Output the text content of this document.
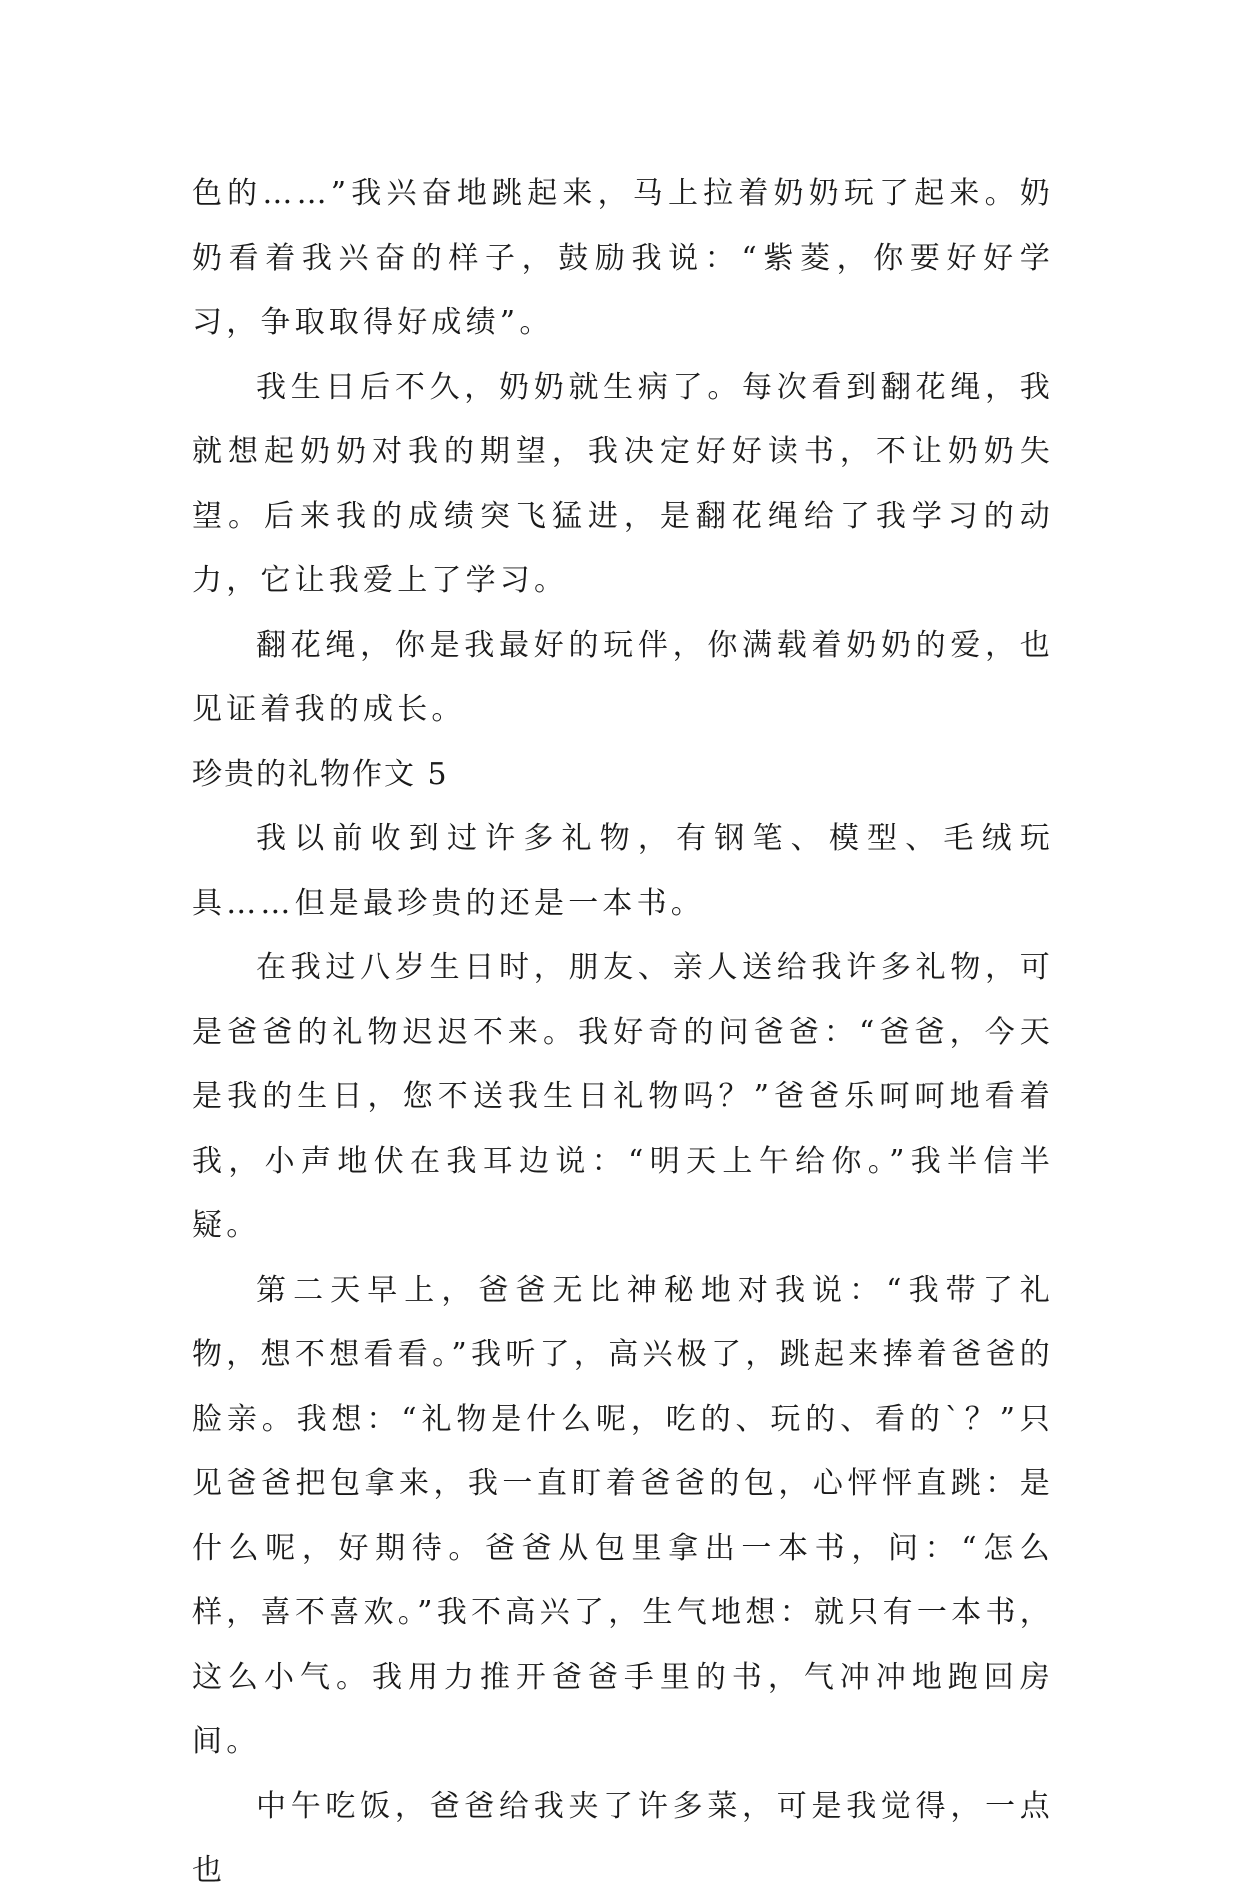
色的……”我兴奋地跳起来，马上拉着奶奶玩了起来。奶奶看着我兴奋的样子，鼓励我说：“紫菱，你要好好学习，争取取得好成绩”。

我生日后不久，奶奶就生病了。每次看到翻花绳，我就想起奶奶对我的期望，我决定好好读书，不让奶奶失望。后来我的成绩突飞猛进，是翻花绳给了我学习的动力，它让我爱上了学习。

翻花绳，你是我最好的玩伴，你满载着奶奶的爱，也见证着我的成长。

珍贵的礼物作文 5

我以前收到过许多礼物，有钢笔、模型、毛绒玩具……但是最珍贵的还是一本书。

在我过八岁生日时，朋友、亲人送给我许多礼物，可是爸爸的礼物迟迟不来。我好奇的问爸爸：“爸爸，今天是我的生日，您不送我生日礼物吗？”爸爸乐呵呵地看着我，小声地伏在我耳边说：“明天上午给你。”我半信半疑。

第二天早上，爸爸无比神秘地对我说：“我带了礼物，想不想看看。”我听了，高兴极了，跳起来捧着爸爸的脸亲。我想：“礼物是什么呢，吃的、玩的、看的`？”只见爸爸把包拿来，我一直盯着爸爸的包，心怦怦直跳：是什么呢，好期待。爸爸从包里拿出一本书，问：“怎么样，喜不喜欢。”我不高兴了，生气地想：就只有一本书，这么小气。我用力推开爸爸手里的书，气冲冲地跑回房间。

中午吃饭，爸爸给我夹了许多菜，可是我觉得，一点也
